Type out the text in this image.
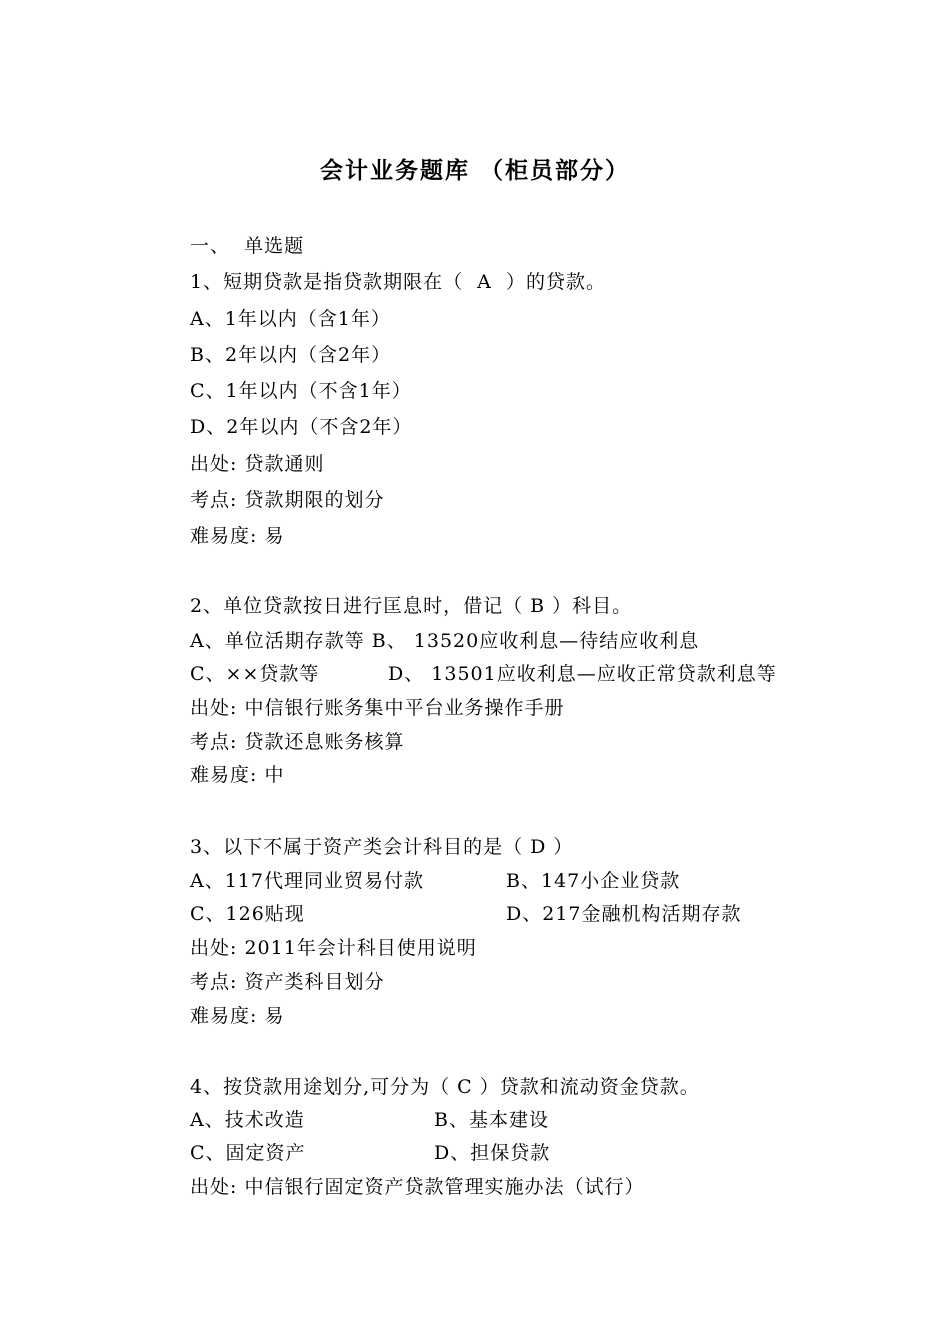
会计业务题库 （柜员部分）
一、  单选题
1、短期贷款是指贷款期限在（  A  ）的贷款。
A、1年以内（含1年）
B、2年以内（含2年）
C、1年以内（不含1年）
D、2年以内（不含2年）
出处: 贷款通则
考点: 贷款期限的划分
难易度: 易
2、单位贷款按日进行匡息时，借记（ B ）科目。
A、单位活期存款等 B、 13520应收利息—待结应收利息
C、××贷款等	D、 13501应收利息—应收正常贷款利息等
出处: 中信银行账务集中平台业务操作手册
考点: 贷款还息账务核算
难易度: 中
3、以下不属于资产类会计科目的是（ D ）
A、117代理同业贸易付款	B、147小企业贷款
C、126贴现	D、217金融机构活期存款
出处: 2011年会计科目使用说明
考点: 资产类科目划分
难易度: 易
4、按贷款用途划分,可分为（ C ）贷款和流动资金贷款。
A、技术改造	B、基本建设
C、固定资产	D、担保贷款
出处: 中信银行固定资产贷款管理实施办法（试行）
